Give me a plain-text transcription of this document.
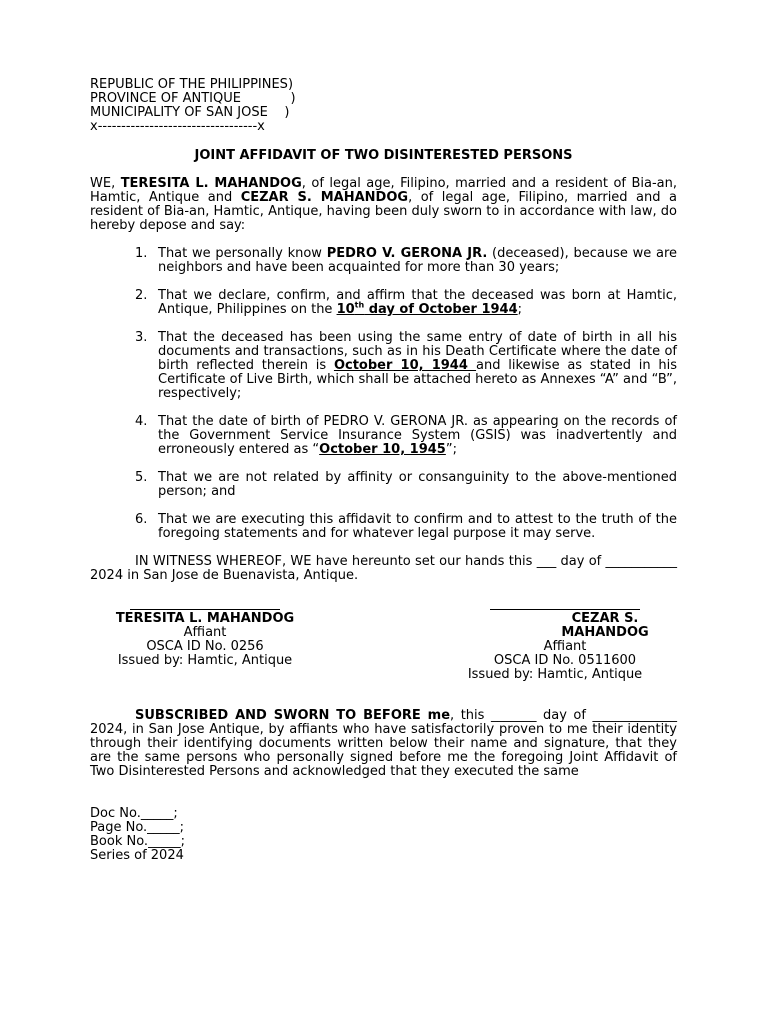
REPUBLIC OF THE PHILIPPINES)
PROVINCE OF ANTIQUE            )
MUNICIPALITY OF SAN JOSE    )
x----------------------------------x
JOINT AFFIDAVIT OF TWO DISINTERESTED PERSONS
WE, TERESITA L. MAHANDOG, of legal age, Filipino, married and a resident of Bia-an, Hamtic, Antique and CEZAR S. MAHANDOG, of legal age, Filipino, married and a resident of Bia-an, Hamtic, Antique, having been duly sworn to in accordance with law, do hereby depose and say:
1. That we personally know PEDRO V. GERONA JR. (deceased), because we are neighbors and have been acquainted for more than 30 years;
2. That we declare, confirm, and affirm that the deceased was born at Hamtic, Antique, Philippines on the 10th day of October 1944;
3. That the deceased has been using the same entry of date of birth in all his documents and transactions, such as in his Death Certificate where the date of birth reflected therein is October 10, 1944 and likewise as stated in his Certificate of Live Birth, which shall be attached hereto as Annexes “A” and “B”, respectively;
4. That the date of birth of PEDRO V. GERONA JR. as appearing on the records of the Government Service Insurance System (GSIS) was inadvertently and erroneously entered as “October 10, 1945”;
5. That we are not related by affinity or consanguinity to the above-mentioned person; and
6. That we are executing this affidavit to confirm and to attest to the truth of the foregoing statements and for whatever legal purpose it may serve.
IN WITNESS WHEREOF, WE have hereunto set our hands this ___ day of ___________ 2024 in San Jose de Buenavista, Antique.
TERESITA L. MAHANDOG
Affiant
OSCA ID No. 0256
Issued by: Hamtic, Antique
CEZAR S. MAHANDOG
Affiant
OSCA ID No. 0511600
Issued by: Hamtic, Antique
SUBSCRIBED AND SWORN TO BEFORE me, this _______ day of _____________ 2024, in San Jose Antique, by affiants who have satisfactorily proven to me their identity through their identifying documents written below their name and signature, that they are the same persons who personally signed before me the foregoing Joint Affidavit of Two Disinterested Persons and acknowledged that they executed the same
Doc No._____;
Page No._____;
Book No._____;
Series of 2024
